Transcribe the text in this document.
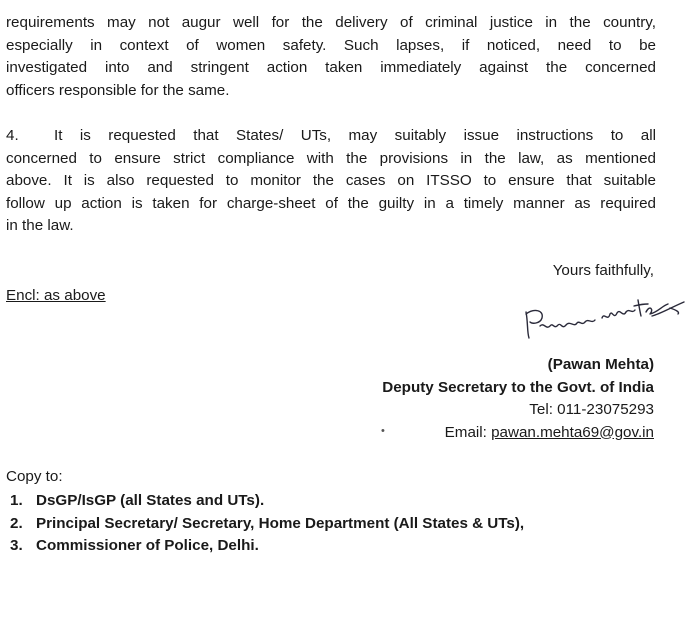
requirements may not augur well for the delivery of criminal justice in the country,
especially in context of women safety. Such lapses, if noticed, need to be
investigated into and stringent action taken immediately against the concerned
officers responsible for the same.
4. It is requested that States/ UTs, may suitably issue instructions to all
concerned to ensure strict compliance with the provisions in the law, as mentioned
above. It is also requested to monitor the cases on ITSSO to ensure that suitable
follow up action is taken for charge-sheet of the guilty in a timely manner as required
in the law.
Yours faithfully,
Encl: as above
(Pawan Mehta)
Deputy Secretary to the Govt. of India
Tel: 011-23075293
Email: pawan.mehta69@gov.in
•
Copy to:
1. DsGP/IsGP (all States and UTs).
2. Principal Secretary/ Secretary, Home Department (All States & UTs),
3. Commissioner of Police, Delhi.
